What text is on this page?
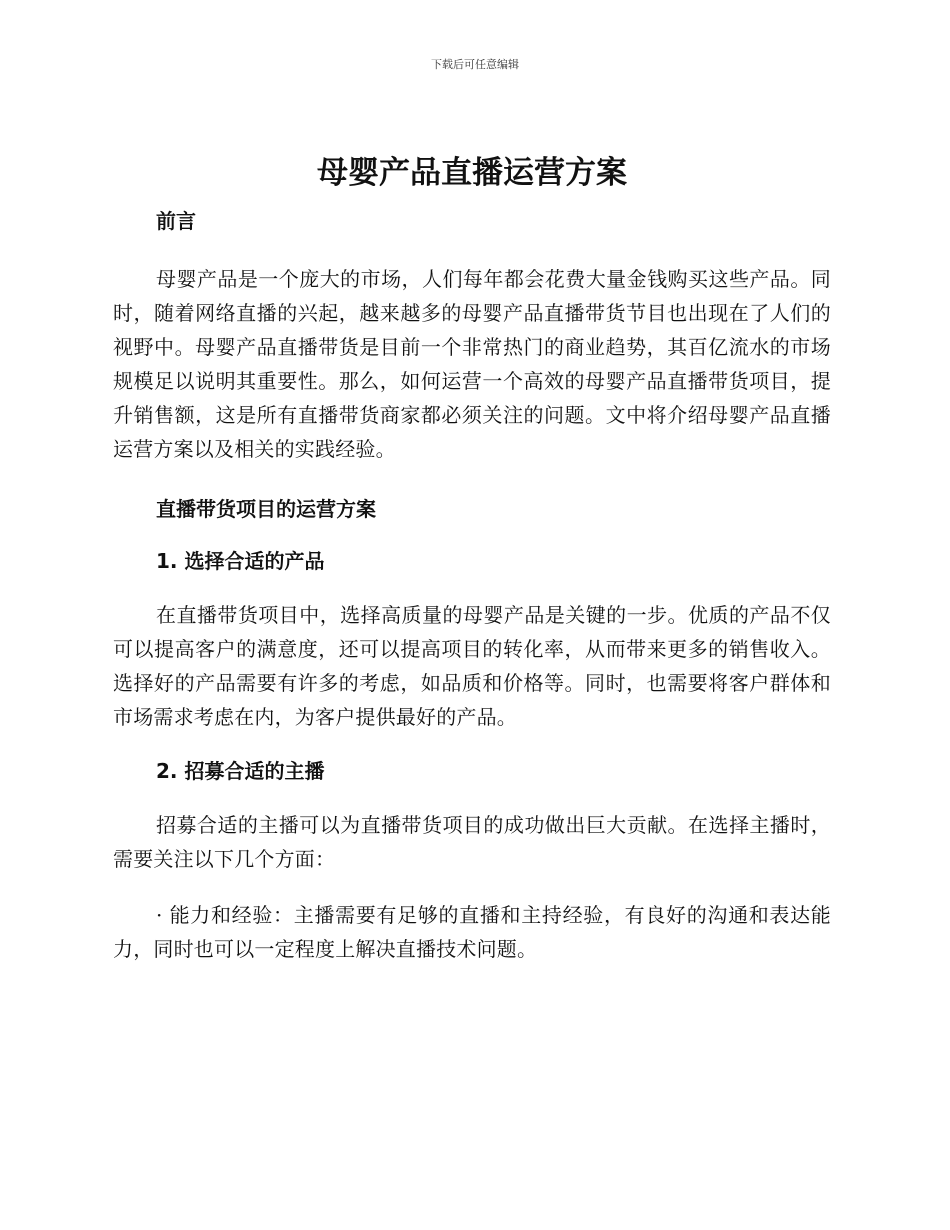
下载后可任意编辑
母婴产品直播运营方案
前言

母婴产品是一个庞大的市场，人们每年都会花费大量金钱购买这些产品。同时，随着网络直播的兴起，越来越多的母婴产品直播带货节目也出现在了人们的视野中。母婴产品直播带货是目前一个非常热门的商业趋势，其百亿流水的市场规模足以说明其重要性。那么，如何运营一个高效的母婴产品直播带货项目，提升销售额，这是所有直播带货商家都必须关注的问题。文中将介绍母婴产品直播运营方案以及相关的实践经验。

直播带货项目的运营方案
1. 选择合适的产品

在直播带货项目中，选择高质量的母婴产品是关键的一步。优质的产品不仅可以提高客户的满意度，还可以提高项目的转化率，从而带来更多的销售收入。选择好的产品需要有许多的考虑，如品质和价格等。同时，也需要将客户群体和市场需求考虑在内，为客户提供最好的产品。

2. 招募合适的主播

招募合适的主播可以为直播带货项目的成功做出巨大贡献。在选择主播时，需要关注以下几个方面：

· 能力和经验：主播需要有足够的直播和主持经验，有良好的沟通和表达能力，同时也可以一定程度上解决直播技术问题。
